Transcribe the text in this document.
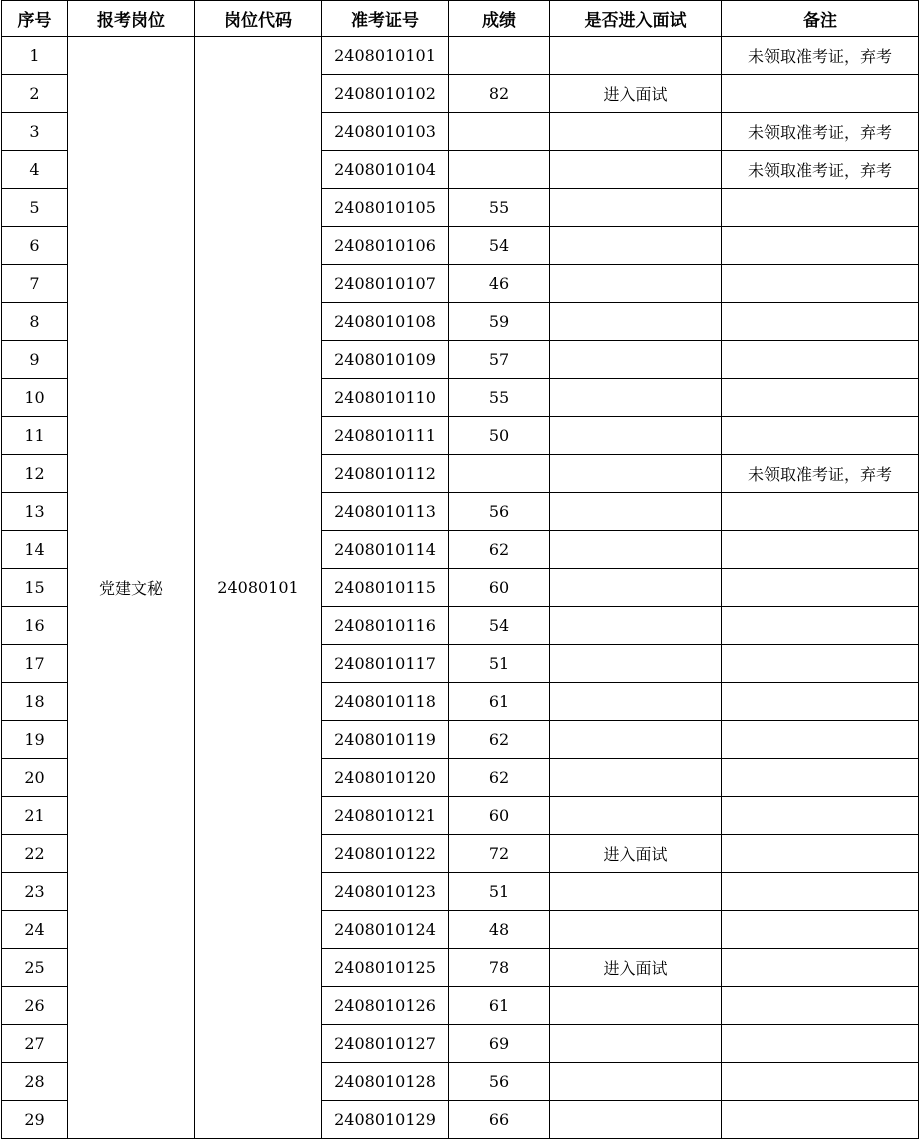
序号	报考岗位	岗位代码	准考证号	成绩	是否进入面试	备注
1	党建文秘	24080101	2408010101			未领取准考证，弃考
2			2408010102	82	进入面试	
3			2408010103			未领取准考证，弃考
4			2408010104			未领取准考证，弃考
5			2408010105	55		
6			2408010106	54		
7			2408010107	46		
8			2408010108	59		
9			2408010109	57		
10			2408010110	55		
11			2408010111	50		
12			2408010112			未领取准考证，弃考
13			2408010113	56		
14			2408010114	62		
15			2408010115	60		
16			2408010116	54		
17			2408010117	51		
18			2408010118	61		
19			2408010119	62		
20			2408010120	62		
21			2408010121	60		
22			2408010122	72	进入面试	
23			2408010123	51		
24			2408010124	48		
25			2408010125	78	进入面试	
26			2408010126	61		
27			2408010127	69		
28			2408010128	56		
29			2408010129	66		
